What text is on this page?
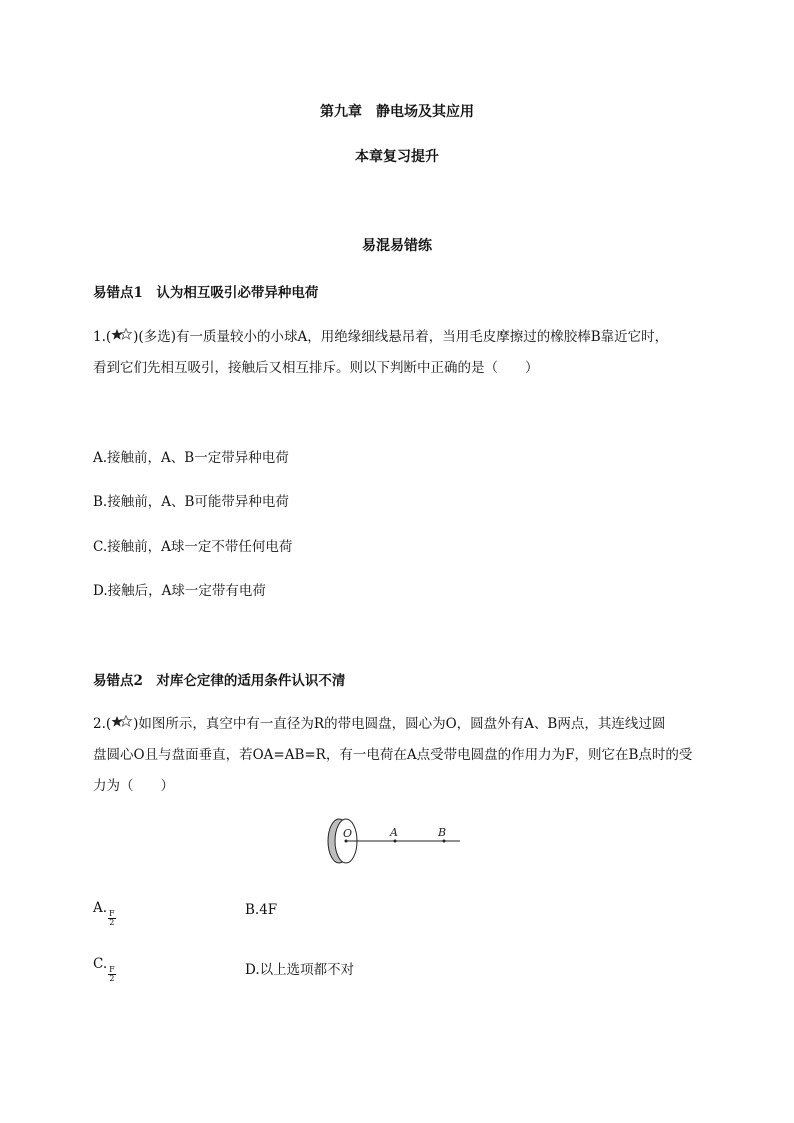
第九章　静电场及其应用
本章复习提升
易混易错练
易错点1　认为相互吸引必带异种电荷
1.( )(多选)有一质量较小的小球A，用绝缘细线悬吊着，当用毛皮摩擦过的橡胶棒B靠近它时，
看到它们先相互吸引，接触后又相互排斥。则以下判断中正确的是（　　）
A.接触前，A、B一定带异种电荷
B.接触前，A、B可能带异种电荷
C.接触前，A球一定不带任何电荷
D.接触后，A球一定带有电荷
易错点2　对库仑定律的适用条件认识不清
2.( )如图所示，真空中有一直径为R的带电圆盘，圆心为O，圆盘外有A、B两点，其连线过圆
盘圆心O且与盘面垂直，若OA=AB=R，有一电荷在A点受带电圆盘的作用力为F，则它在B点时的受
力为（　　）
O	A	B
A.
$\frac{F}{2}$	B.4F
C.
$\frac{F}{2}$	D.以上选项都不对
